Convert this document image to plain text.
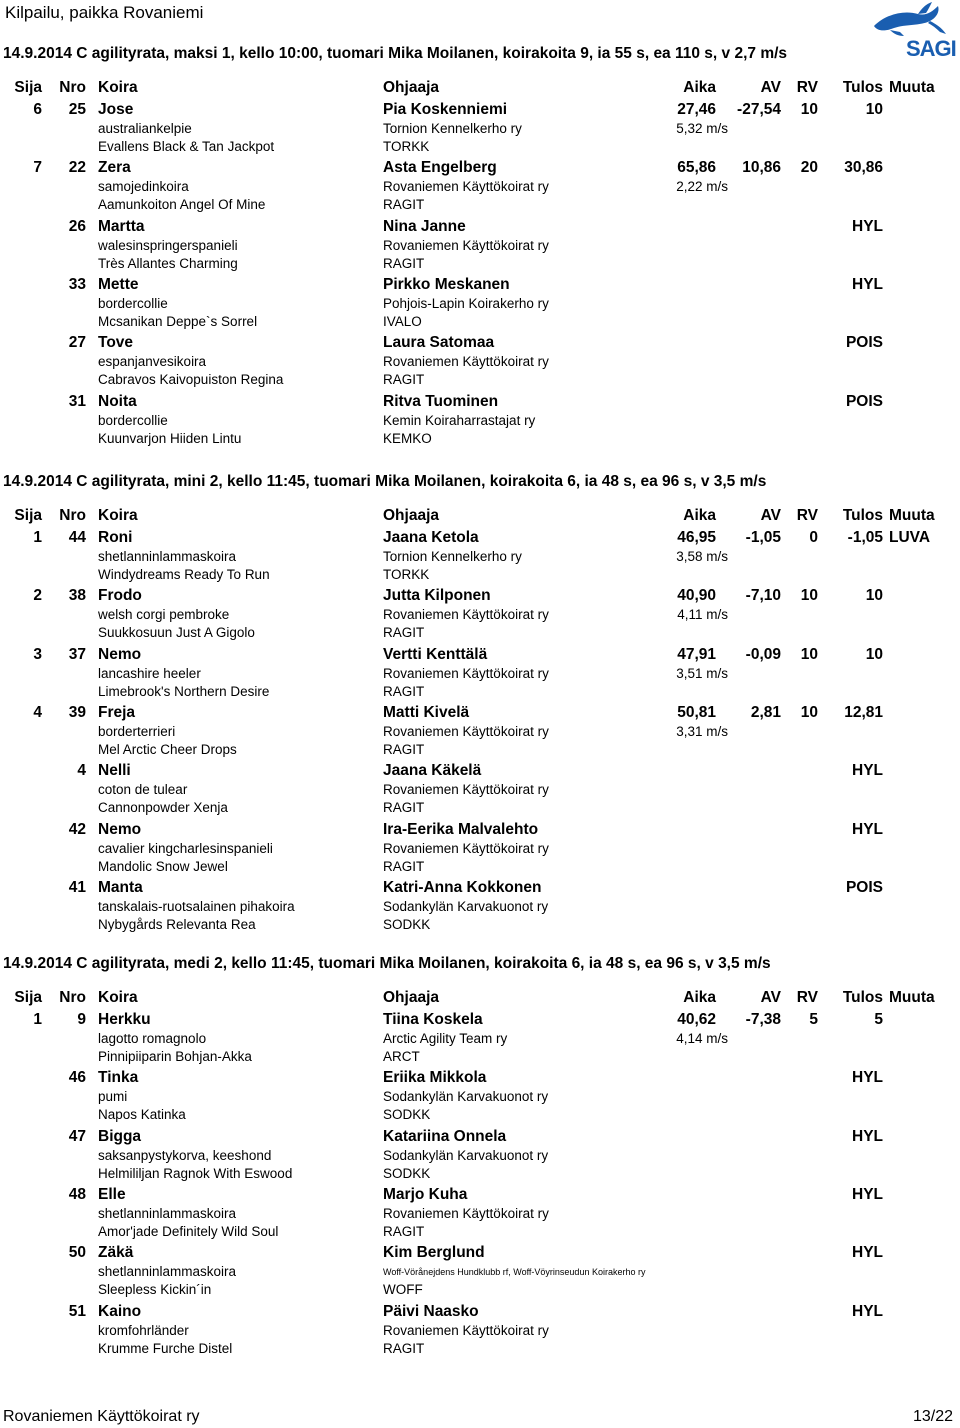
Kilpailu, paikka Rovaniemi
SAGI
14.9.2014 C agilityrata, maksi 1, kello 10:00, tuomari Mika Moilanen, koirakoita 9, ia 55 s, ea 110 s, v 2,7 m/s
Sija	Nro Koira	Ohjaaja	Aika	AV	RV	Tulos Muuta
6	25 Jose	Pia Koskenniemi	27,46	-27,54	10	10
australiankelpie	Tornion Kennelkerho ry	5,32 m/s
Evallens Black & Tan Jackpot	TORKK
7	22 Zera	Asta Engelberg	65,86	10,86	20	30,86
samojedinkoira	Rovaniemen Käyttökoirat ry	2,22 m/s
Aamunkoiton Angel Of Mine	RAGIT
26 Martta	Nina Janne	HYL
walesinspringerspanieli	Rovaniemen Käyttökoirat ry
Très Allantes Charming	RAGIT
33 Mette	Pirkko Meskanen	HYL
bordercollie	Pohjois-Lapin Koirakerho ry
Mcsanikan Deppe`s Sorrel	IVALO
27 Tove	Laura Satomaa	POIS
espanjanvesikoira	Rovaniemen Käyttökoirat ry
Cabravos Kaivopuiston Regina	RAGIT
31 Noita	Ritva Tuominen	POIS
bordercollie	Kemin Koiraharrastajat ry
Kuunvarjon Hiiden Lintu	KEMKO
14.9.2014 C agilityrata, mini 2, kello 11:45, tuomari Mika Moilanen, koirakoita 6, ia 48 s, ea 96 s, v 3,5 m/s
Sija	Nro Koira	Ohjaaja	Aika	AV	RV	Tulos Muuta
1	44 Roni	Jaana Ketola	46,95	-1,05	0	-1,05 LUVA
shetlanninlammaskoira	Tornion Kennelkerho ry	3,58 m/s
Windydreams Ready To Run	TORKK
2	38 Frodo	Jutta Kilponen	40,90	-7,10	10	10
welsh corgi pembroke	Rovaniemen Käyttökoirat ry	4,11 m/s
Suukkosuun Just A Gigolo	RAGIT
3	37 Nemo	Vertti Kenttälä	47,91	-0,09	10	10
lancashire heeler	Rovaniemen Käyttökoirat ry	3,51 m/s
Limebrook's Northern Desire	RAGIT
4	39 Freja	Matti Kivelä	50,81	2,81	10	12,81
borderterrieri	Rovaniemen Käyttökoirat ry	3,31 m/s
Mel Arctic Cheer Drops	RAGIT
4 Nelli	Jaana Käkelä	HYL
coton de tulear	Rovaniemen Käyttökoirat ry
Cannonpowder Xenja	RAGIT
42 Nemo	Ira-Eerika Malvalehto	HYL
cavalier kingcharlesinspanieli	Rovaniemen Käyttökoirat ry
Mandolic Snow Jewel	RAGIT
41 Manta	Katri-Anna Kokkonen	POIS
tanskalais-ruotsalainen pihakoira	Sodankylän Karvakuonot ry
Nybygårds Relevanta Rea	SODKK
14.9.2014 C agilityrata, medi 2, kello 11:45, tuomari Mika Moilanen, koirakoita 6, ia 48 s, ea 96 s, v 3,5 m/s
Sija	Nro Koira	Ohjaaja	Aika	AV	RV	Tulos Muuta
1	9 Herkku	Tiina Koskela	40,62	-7,38	5	5
lagotto romagnolo	Arctic Agility Team ry	4,14 m/s
Pinnipiiparin Bohjan-Akka	ARCT
46 Tinka	Eriika Mikkola	HYL
pumi	Sodankylän Karvakuonot ry
Napos Katinka	SODKK
47 Bigga	Katariina Onnela	HYL
saksanpystykorva, keeshond	Sodankylän Karvakuonot ry
Helmililjan Ragnok With Eswood	SODKK
48 Elle	Marjo Kuha	HYL
shetlanninlammaskoira	Rovaniemen Käyttökoirat ry
Amor'jade Definitely Wild Soul	RAGIT
50 Zäkä	Kim Berglund	HYL
shetlanninlammaskoira	Woff-Vörånejdens Hundklubb rf, Woff-Vöyrinseudun Koirakerho ry
Sleepless Kickin´in	WOFF
51 Kaino	Päivi Naasko	HYL
kromfohrländer	Rovaniemen Käyttökoirat ry
Krumme Furche Distel	RAGIT
Rovaniemen Käyttökoirat ry	13/22
